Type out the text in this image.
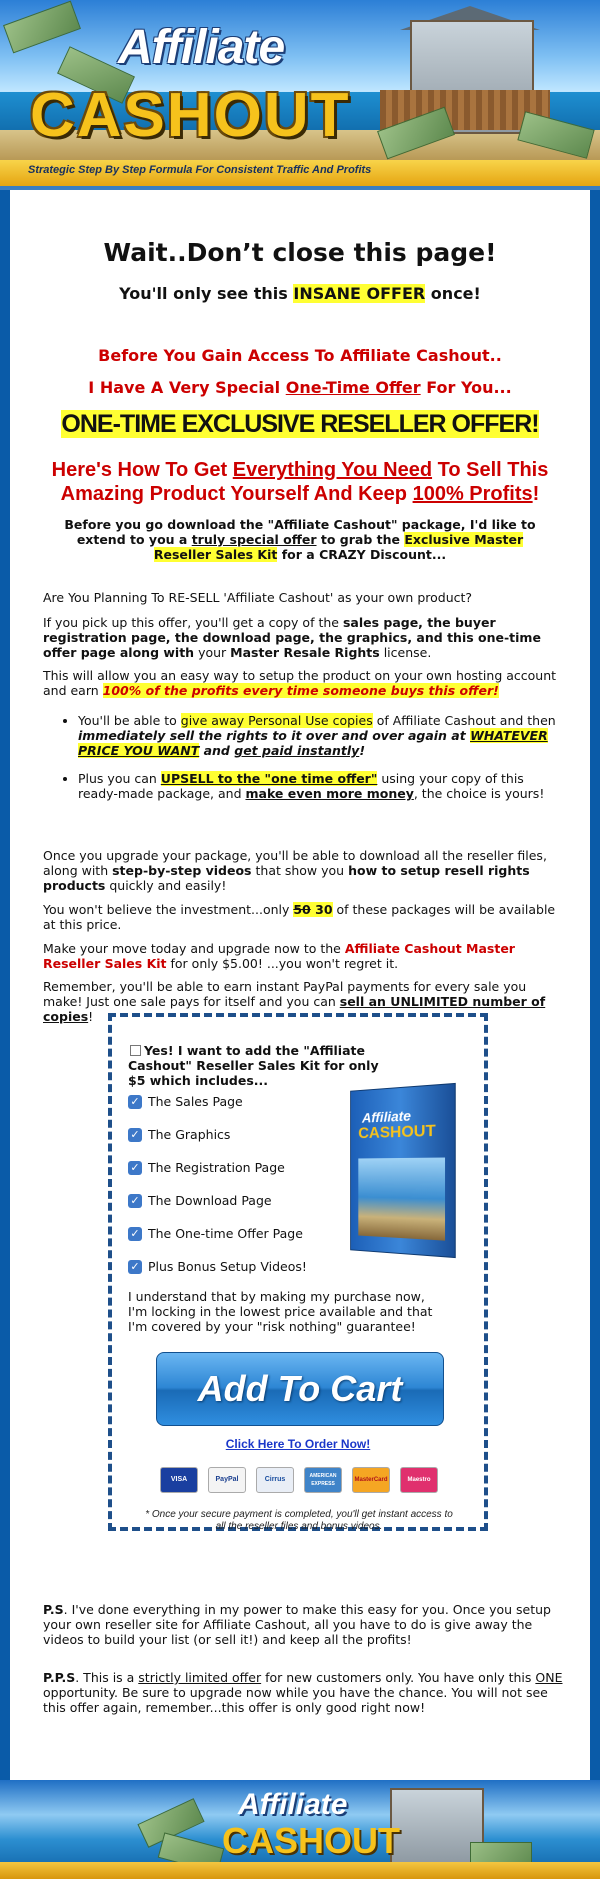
Affiliate
CASHOUT
Strategic Step By Step Formula For Consistent Traffic And Profits
Wait..Don’t close this page!
You'll only see this INSANE OFFER once!
Before You Gain Access To Affiliate Cashout..
I Have A Very Special One-Time Offer For You...
ONE-TIME EXCLUSIVE RESELLER OFFER!
Here's How To Get Everything You Need To Sell This Amazing Product Yourself And Keep 100% Profits!
Before you go download the "Affiliate Cashout" package, I'd like to extend to you a truly special offer to grab the Exclusive Master Reseller Sales Kit for a CRAZY Discount...
Are You Planning To RE-SELL 'Affiliate Cashout' as your own product?
If you pick up this offer, you'll get a copy of the sales page, the buyer registration page, the download page, the graphics, and this one-time offer page along with your Master Resale Rights license.
This will allow you an easy way to setup the product on your own hosting account and earn 100% of the profits every time someone buys this offer!
• You'll be able to give away Personal Use copies of Affiliate Cashout and then immediately sell the rights to it over and over again at WHATEVER PRICE YOU WANT and get paid instantly!
• Plus you can UPSELL to the "one time offer" using your copy of this ready-made package, and make even more money, the choice is yours!
Once you upgrade your package, you'll be able to download all the reseller files, along with step-by-step videos that show you how to setup resell rights products quickly and easily!
You won't believe the investment...only 50 30 of these packages will be available at this price.
Make your move today and upgrade now to the Affiliate Cashout Master Reseller Sales Kit for only $5.00! ...you won't regret it.
Remember, you'll be able to earn instant PayPal payments for every sale you make! Just one sale pays for itself and you can sell an UNLIMITED number of copies!
Yes! I want to add the "Affiliate Cashout" Reseller Sales Kit for only $5 which includes...
✓ The Sales Page
✓ The Graphics
✓ The Registration Page
✓ The Download Page
✓ The One-time Offer Page
✓ Plus Bonus Setup Videos!
Affiliate
CASHOUT
I understand that by making my purchase now, I'm locking in the lowest price available and that I'm covered by your "risk nothing" guarantee!
Add To Cart
Click Here To Order Now!
VISA	PayPal	Cirrus	AMERICAN EXPRESS
MasterCard	Maestro
* Once your secure payment is completed, you'll get instant access to all the reseller files and bonus videos.
P.S. I've done everything in my power to make this easy for you. Once you setup your own reseller site for Affiliate Cashout, all you have to do is give away the videos to build your list (or sell it!) and keep all the profits!
P.P.S. This is a strictly limited offer for new customers only. You have only this ONE opportunity. Be sure to upgrade now while you have the chance. You will not see this offer again, remember...this offer is only good right now!
Affiliate
CASHOUT
